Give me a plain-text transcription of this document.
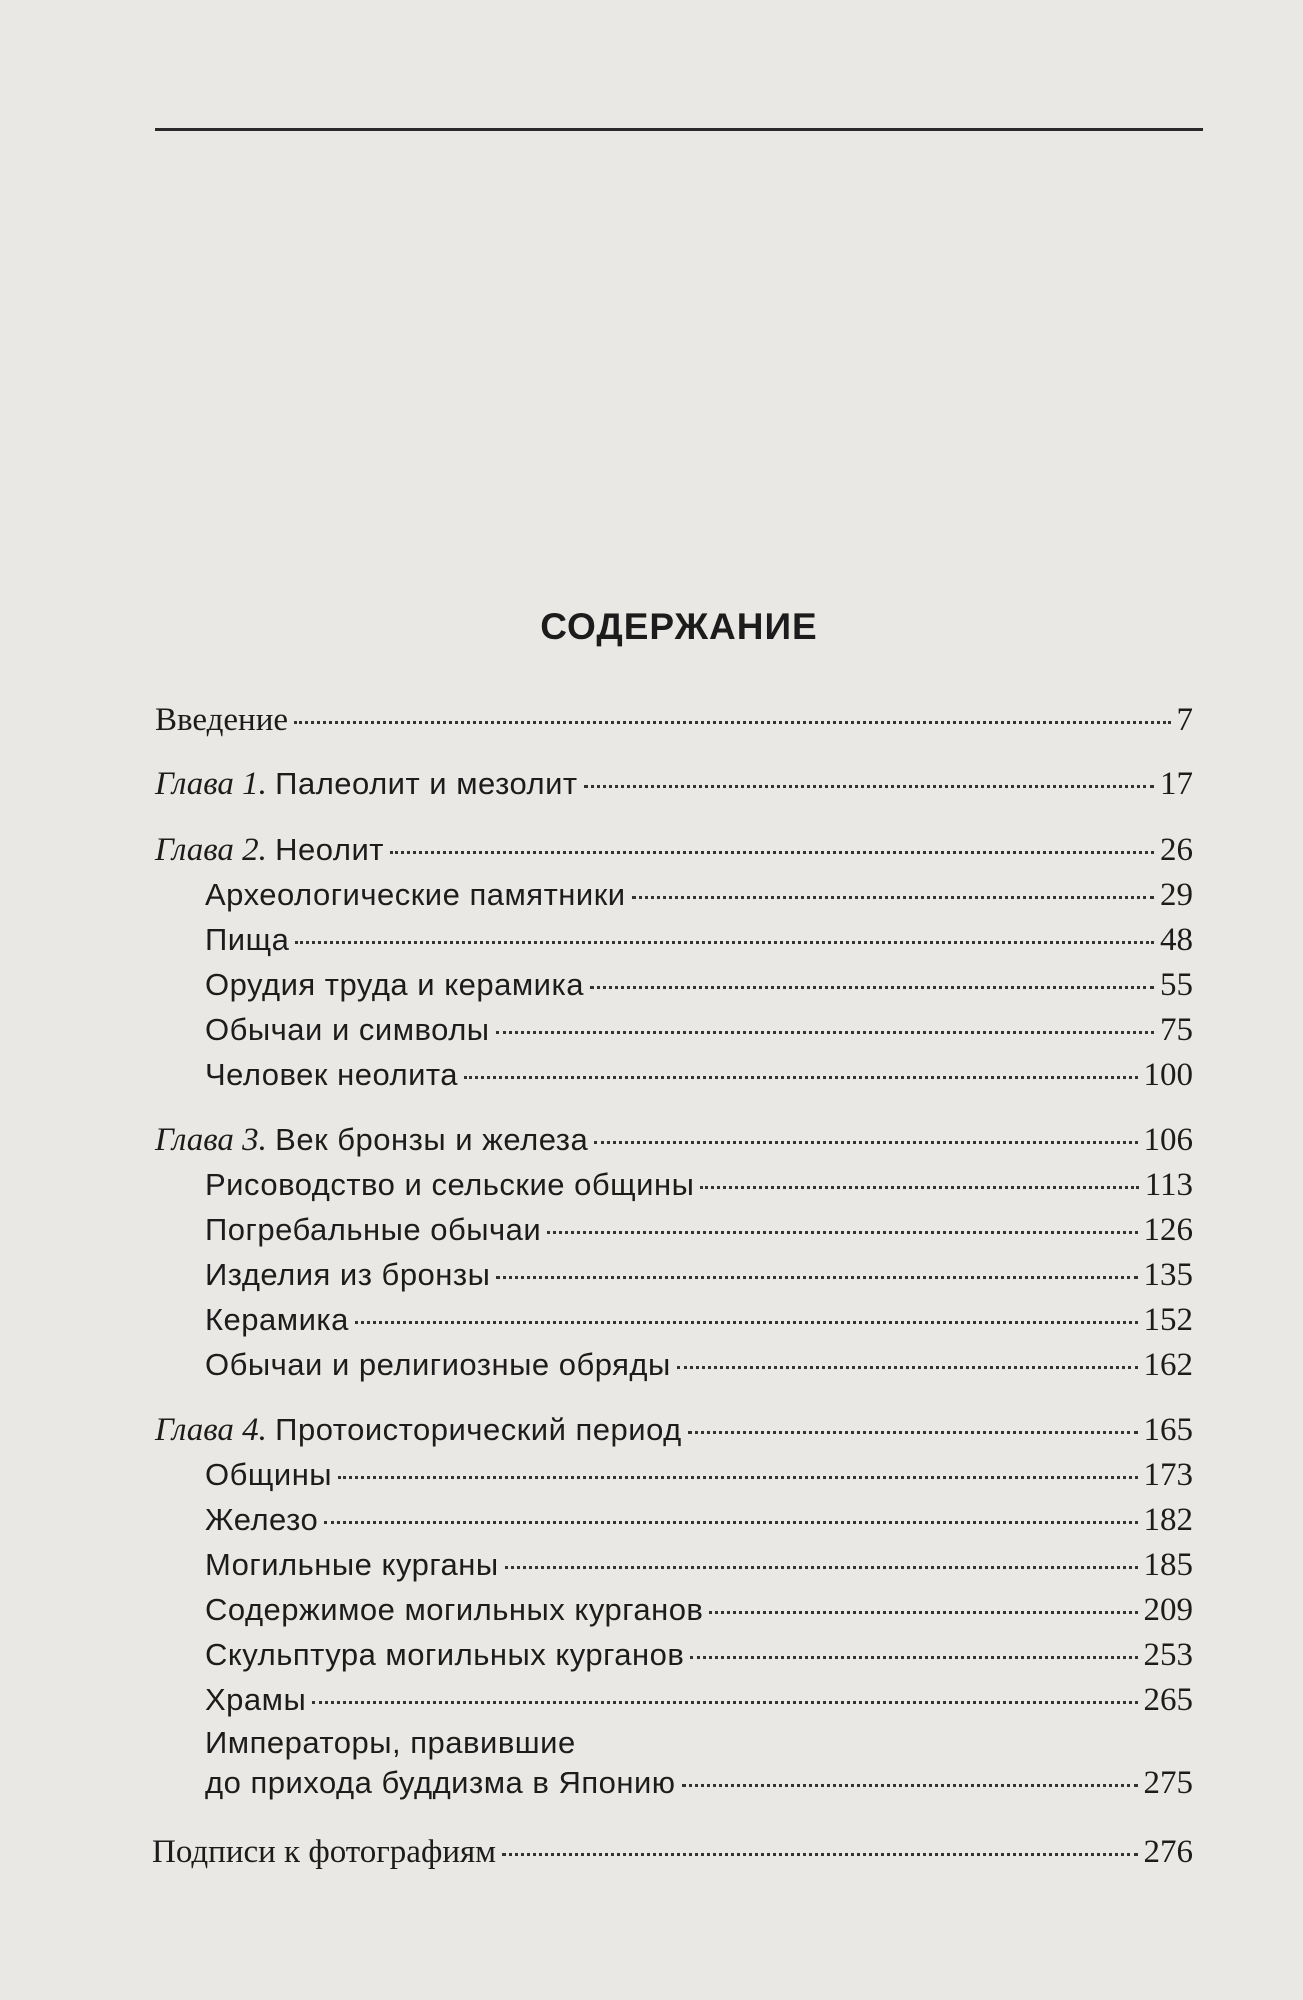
СОДЕРЖАНИЕ
Введение	7
Глава 1. Палеолит и мезолит	17
Глава 2. Неолит	26
Археологические памятники	29
Пища	48
Орудия труда и керамика	55
Обычаи и символы	75
Человек неолита	100
Глава 3. Век бронзы и железа	106
Рисоводство и сельские общины	113
Погребальные обычаи	126
Изделия из бронзы	135
Керамика	152
Обычаи и религиозные обряды	162
Глава 4. Протоисторический период	165
Общины	173
Железо	182
Могильные курганы	185
Содержимое могильных курганов	209
Скульптура могильных курганов	253
Храмы	265
Императоры, правившие
до прихода буддизма в Японию	275
Подписи к фотографиям	276
